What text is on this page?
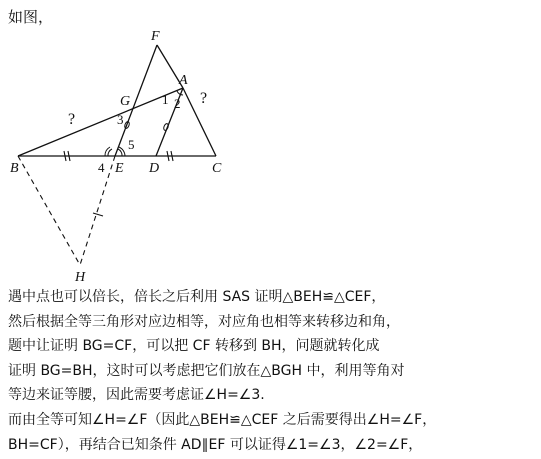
如图，
F
A
G
B	E D	C
H
1 2
3
4
5
?
?
遇中点也可以倍长，倍长之后利用 SAS 证明△BEH≌△CEF，
然后根据全等三角形对应边相等，对应角也相等来转移边和角，
题中让证明 BG=CF，可以把 CF 转移到 BH，问题就转化成
证明 BG=BH，这时可以考虑把它们放在△BGH 中，利用等角对
等边来证等腰，因此需要考虑证∠H=∠3.
而由全等可知∠H=∠F（因此△BEH≌△CEF 之后需要得出∠H=∠F，
BH=CF），再结合已知条件 AD∥EF 可以证得∠1=∠3，∠2=∠F，
